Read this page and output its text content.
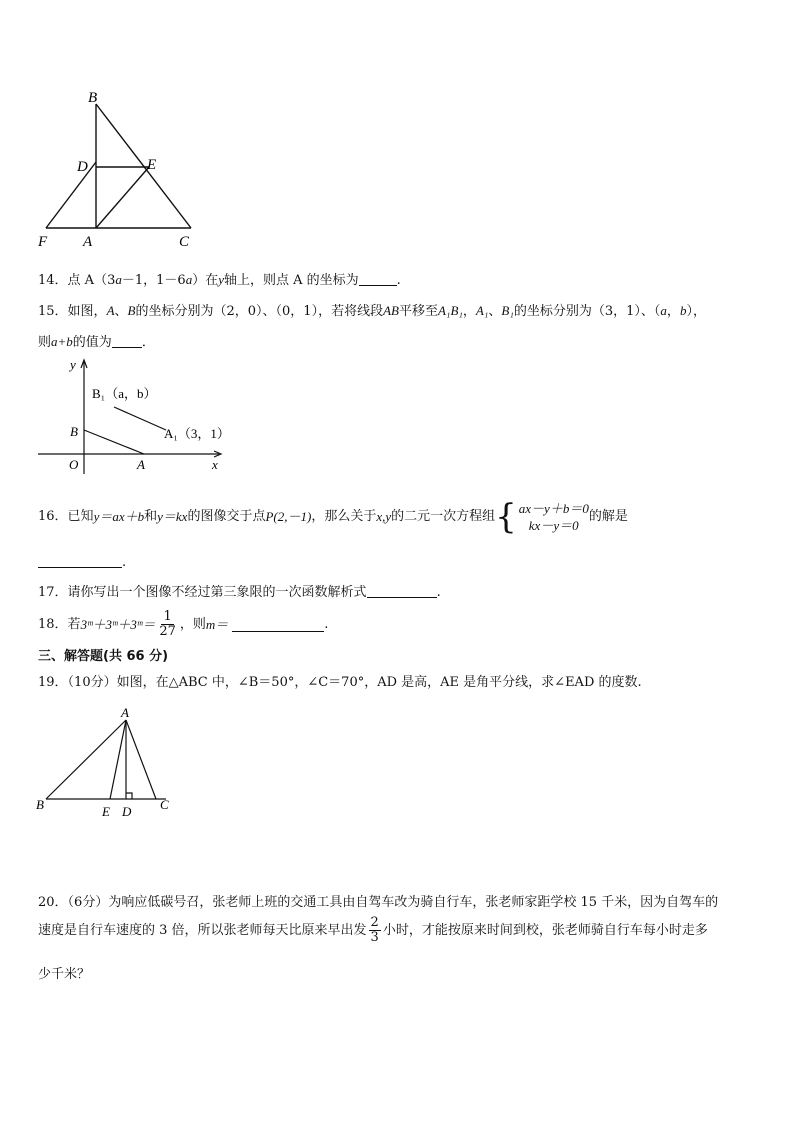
B
D	E
F A	C
14．点 A（3a－1，1－6a）在y轴上，则点 A 的坐标为	.
15．如图，A、B的坐标分别为（2，0）、（0，1），若将线段AB平移至A₁B₁，A₁、B₁的坐标分别为（3，1）、（a，b），
则a+b的值为 ．
y
x
O	A
B
B₁（a，b）
A₁（3，1）
16． 已知 y＝ax＋b 和 y＝kx 的图像交于点 P(2,－1) ，那么关于 x,y 的二元一次方程组 { ax－y＋b＝0
kx－y＝0
的解是
.
17．请你写出一个图像不经过第三象限的一次函数解析式	.
18． 若 3ᵐ＋3ᵐ＋3ᵐ＝ $\frac{1}{27}$ ，则 m＝	.
三、解答题(共 66 分)
19．（10分）如图，在△ABC 中，∠B＝50°，∠C＝70°，AD 是高，AE 是角平分线，求∠EAD 的度数.
A
B	C
E D
20．（6分）为响应低碳号召，张老师上班的交通工具由自驾车改为骑自行车，张老师家距学校 15 千米，因为自驾车的
速度是自行车速度的 3 倍，所以张老师每天比原来早出发 $\frac{2}{3}$ 小时，才能按原来时间到校，张老师骑自行车每小时走多
少千米？
